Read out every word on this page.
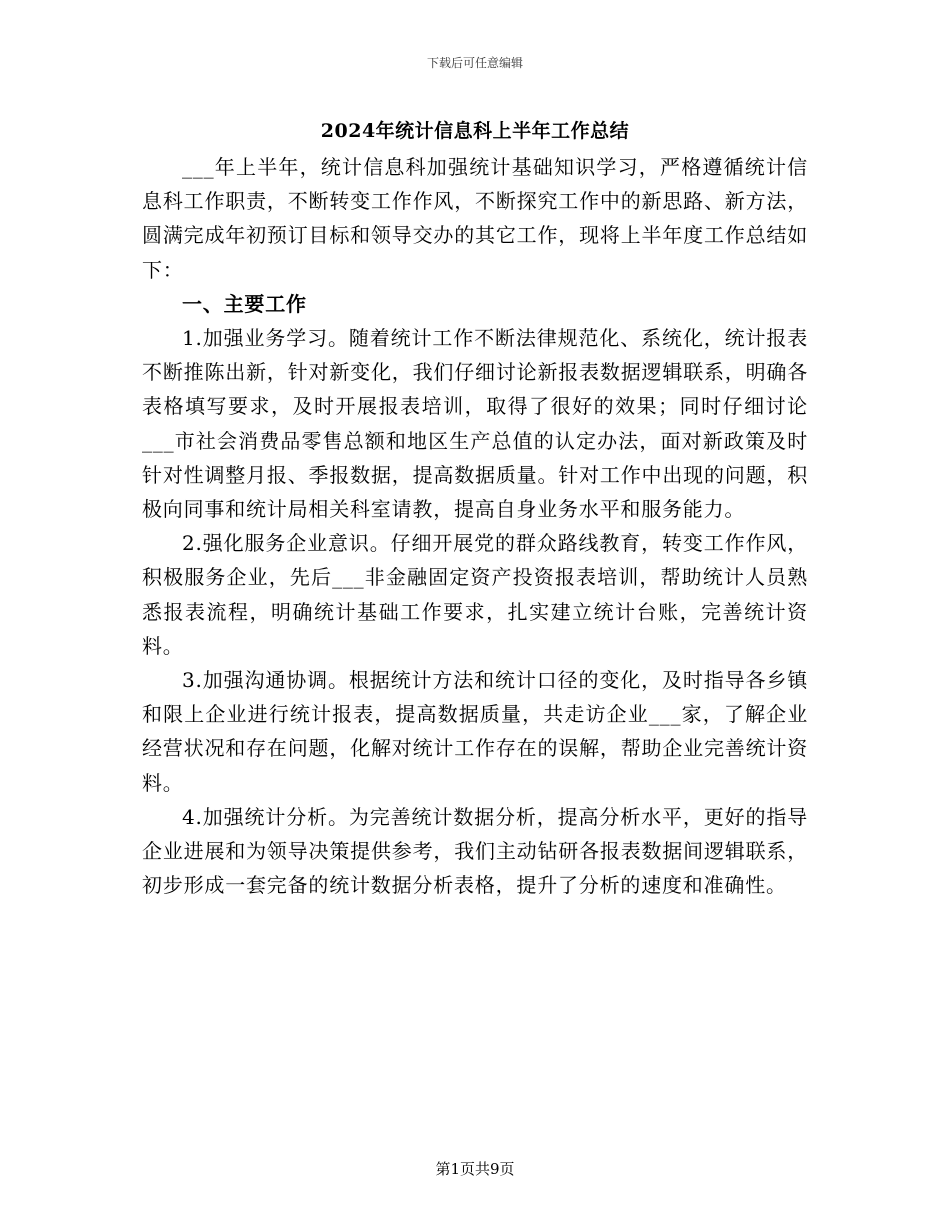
下载后可任意编辑
2024年统计信息科上半年工作总结

___年上半年，统计信息科加强统计基础知识学习，严格遵循统计信息科工作职责，不断转变工作作风，不断探究工作中的新思路、新方法，圆满完成年初预订目标和领导交办的其它工作，现将上半年度工作总结如下：

一、主要工作

1.加强业务学习。随着统计工作不断法律规范化、系统化，统计报表不断推陈出新，针对新变化，我们仔细讨论新报表数据逻辑联系，明确各表格填写要求，及时开展报表培训，取得了很好的效果；同时仔细讨论___市社会消费品零售总额和地区生产总值的认定办法，面对新政策及时针对性调整月报、季报数据，提高数据质量。针对工作中出现的问题，积极向同事和统计局相关科室请教，提高自身业务水平和服务能力。

2.强化服务企业意识。仔细开展党的群众路线教育，转变工作作风，积极服务企业，先后___非金融固定资产投资报表培训，帮助统计人员熟悉报表流程，明确统计基础工作要求，扎实建立统计台账，完善统计资料。

3.加强沟通协调。根据统计方法和统计口径的变化，及时指导各乡镇和限上企业进行统计报表，提高数据质量，共走访企业___家，了解企业经营状况和存在问题，化解对统计工作存在的误解，帮助企业完善统计资料。

4.加强统计分析。为完善统计数据分析，提高分析水平，更好的指导企业进展和为领导决策提供参考，我们主动钻研各报表数据间逻辑联系，初步形成一套完备的统计数据分析表格，提升了分析的速度和准确性。

第1页共9页
